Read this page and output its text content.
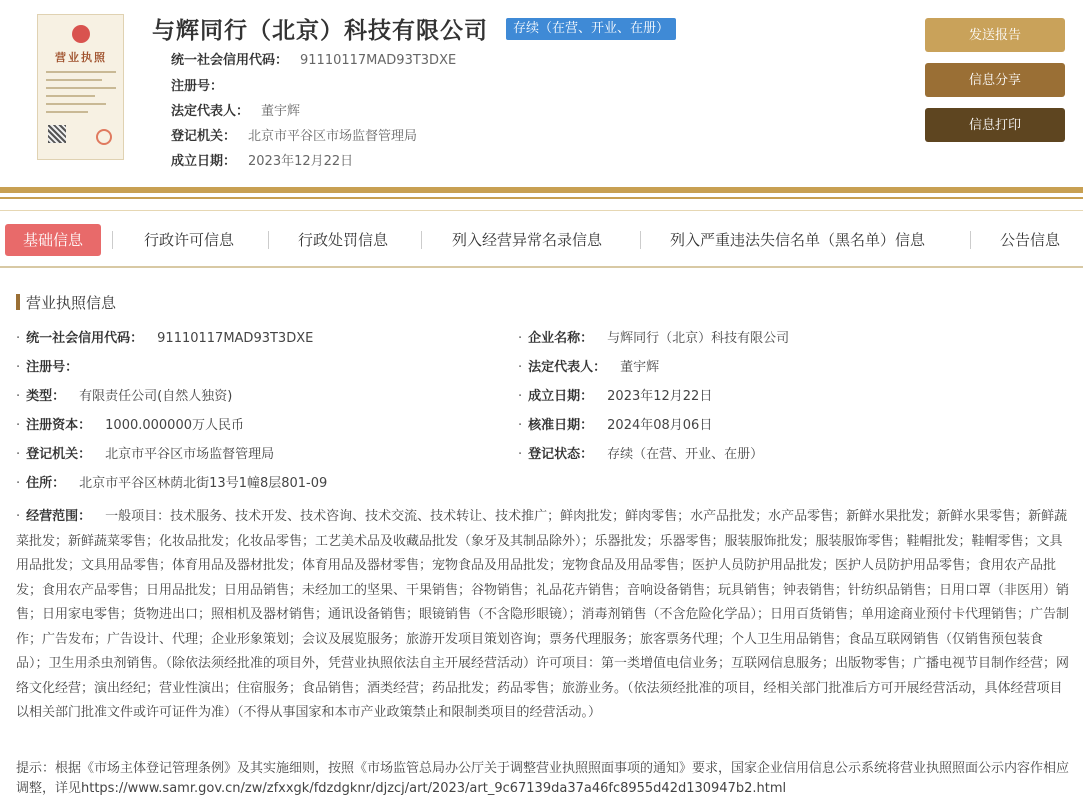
营业执照
与辉同行（北京）科技有限公司	存续（在营、开业、在册）
统一社会信用代码： 91110117MAD93T3DXE
注册号：
法定代表人： 董宇辉
登记机关： 北京市平谷区市场监督管理局
成立日期： 2023年12月22日
发送报告
信息分享
信息打印
基础信息	行政许可信息	行政处罚信息	列入经营异常名录信息	列入严重违法失信名单（黑名单）信息	公告信息
营业执照信息
· 统一社会信用代码： 91110117MAD93T3DXE
· 注册号：
· 类型： 有限责任公司(自然人独资)
· 注册资本： 1000.000000万人民币
· 登记机关： 北京市平谷区市场监督管理局
· 住所： 北京市平谷区林荫北街13号1幢8层801-09
· 企业名称： 与辉同行（北京）科技有限公司
· 法定代表人： 董宇辉
· 成立日期： 2023年12月22日
· 核准日期： 2024年08月06日
· 登记状态： 存续（在营、开业、在册）
· 经营范围： 一般项目：技术服务、技术开发、技术咨询、技术交流、技术转让、技术推广；鲜肉批发；鲜肉零售；水产品批发；水产品零售；新鲜水果批发；新鲜水果零售；新鲜蔬菜批发；新鲜蔬菜零售；化妆品批发；化妆品零售；工艺美术品及收藏品批发（象牙及其制品除外）；乐器批发；乐器零售；服装服饰批发；服装服饰零售；鞋帽批发；鞋帽零售；文具用品批发；文具用品零售；体育用品及器材批发；体育用品及器材零售；宠物食品及用品批发；宠物食品及用品零售；医护人员防护用品批发；医护人员防护用品零售；食用农产品批发；食用农产品零售；日用品批发；日用品销售；未经加工的坚果、干果销售；谷物销售；礼品花卉销售；音响设备销售；玩具销售；钟表销售；针纺织品销售；日用口罩（非医用）销售；日用家电零售；货物进出口；照相机及器材销售；通讯设备销售；眼镜销售（不含隐形眼镜）；消毒剂销售（不含危险化学品）；日用百货销售；单用途商业预付卡代理销售；广告制作；广告发布；广告设计、代理；企业形象策划；会议及展览服务；旅游开发项目策划咨询；票务代理服务；旅客票务代理；个人卫生用品销售；食品互联网销售（仅销售预包装食品）；卫生用杀虫剂销售。（除依法须经批准的项目外，凭营业执照依法自主开展经营活动）许可项目：第一类增值电信业务；互联网信息服务；出版物零售；广播电视节目制作经营；网络文化经营；演出经纪；营业性演出；住宿服务；食品销售；酒类经营；药品批发；药品零售；旅游业务。（依法须经批准的项目，经相关部门批准后方可开展经营活动，具体经营项目以相关部门批准文件或许可证件为准）（不得从事国家和本市产业政策禁止和限制类项目的经营活动。）
提示：根据《市场主体登记管理条例》及其实施细则，按照《市场监管总局办公厅关于调整营业执照照面事项的通知》要求，国家企业信用信息公示系统将营业执照照面公示内容作相应调整，详见https://www.samr.gov.cn/zw/zfxxgk/fdzdgknr/djzcj/art/2023/art_9c67139da37a46fc8955d42d130947b2.html
